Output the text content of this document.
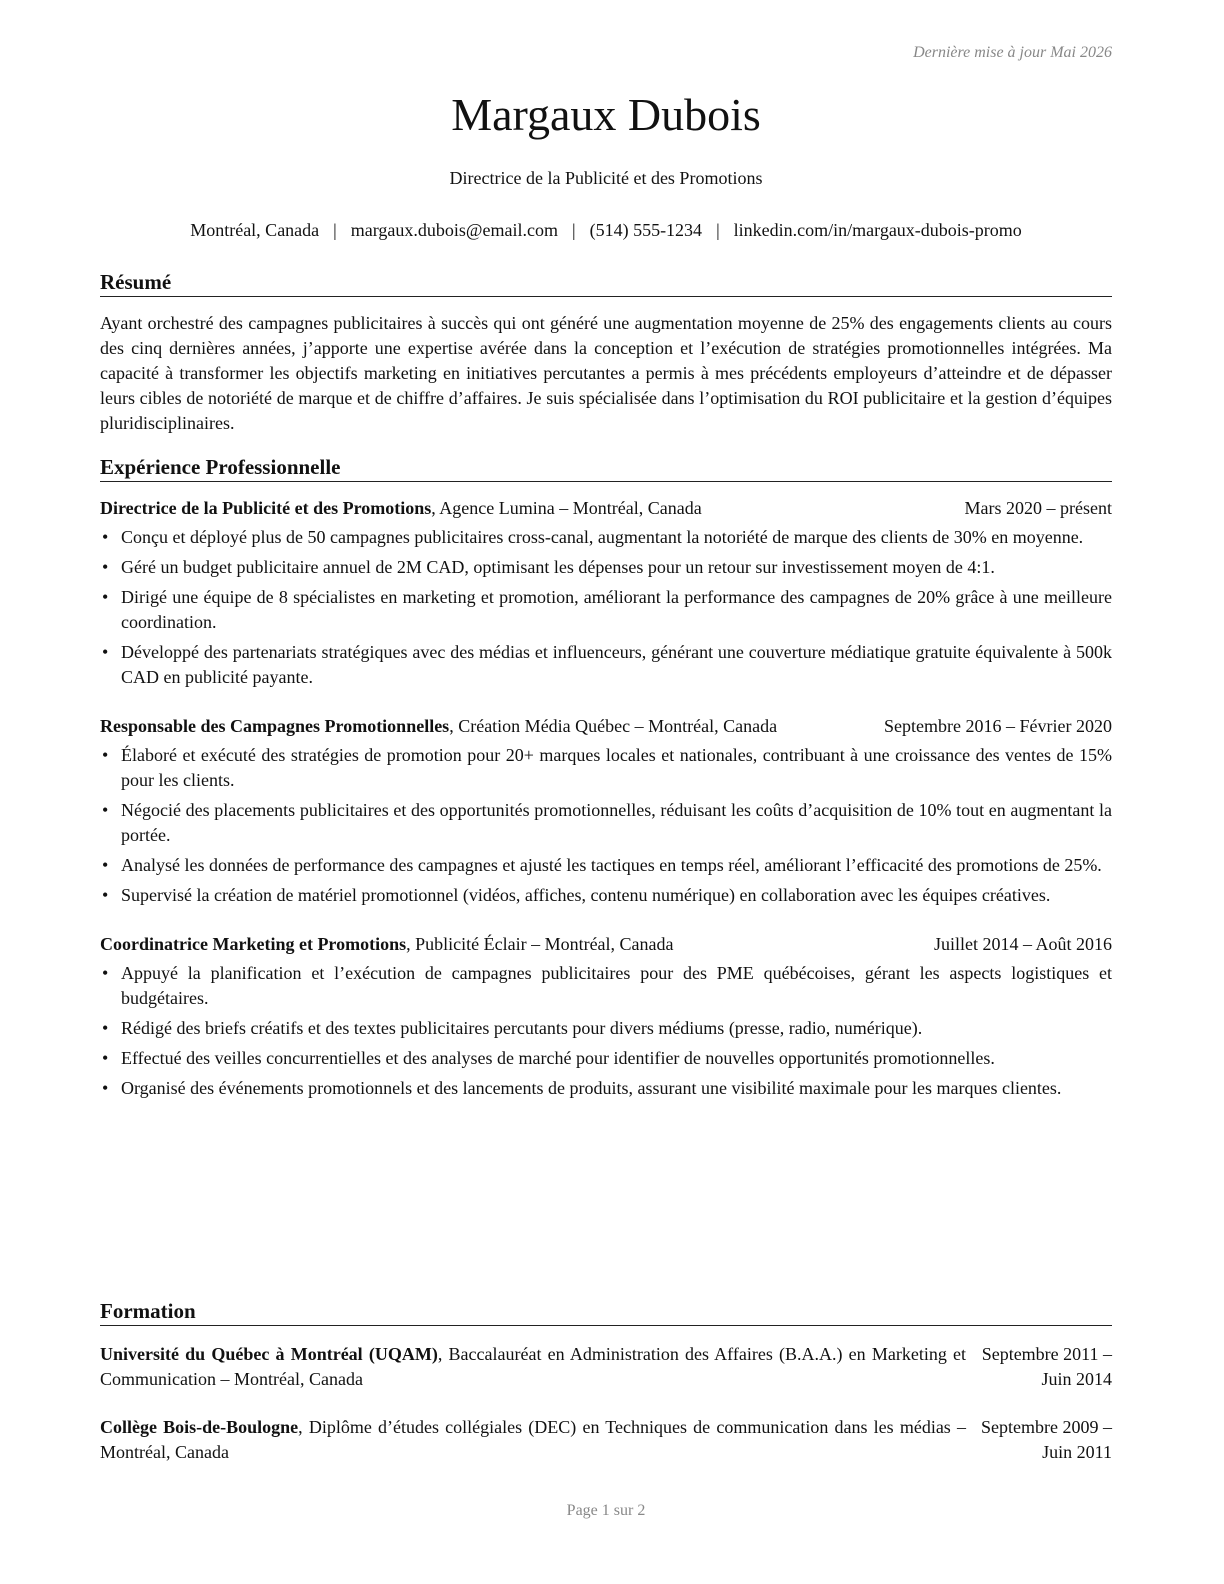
Dernière mise à jour Mai 2026
Margaux Dubois
Directrice de la Publicité et des Promotions
Montréal, Canada | margaux.dubois@email.com | (514) 555-1234 | linkedin.com/in/margaux-dubois-promo
Résumé
Ayant orchestré des campagnes publicitaires à succès qui ont généré une augmentation moyenne de 25% des engagements clients au cours des cinq dernières années, j’apporte une expertise avérée dans la conception et l’exécution de stratégies promotionnelles intégrées. Ma capacité à transformer les objectifs marketing en initiatives percutantes a permis à mes précédents employeurs d’atteindre et de dépasser leurs cibles de notoriété de marque et de chiffre d’affaires. Je suis spécialisée dans l’optimisation du ROI publicitaire et la gestion d’équipes pluridisciplinaires.
Expérience Professionnelle
Directrice de la Publicité et des Promotions, Agence Lumina – Montréal, Canada	Mars 2020 – présent
• Conçu et déployé plus de 50 campagnes publicitaires cross-canal, augmentant la notoriété de marque des clients de 30% en moyenne.
• Géré un budget publicitaire annuel de 2M CAD, optimisant les dépenses pour un retour sur investissement moyen de 4:1.
• Dirigé une équipe de 8 spécialistes en marketing et promotion, améliorant la performance des campagnes de 20% grâce à une meilleure coordination.
• Développé des partenariats stratégiques avec des médias et influenceurs, générant une couverture médiatique gratuite équivalente à 500k CAD en publicité payante.
Responsable des Campagnes Promotionnelles, Création Média Québec – Montréal, Canada	Septembre 2016 – Février 2020
• Élaboré et exécuté des stratégies de promotion pour 20+ marques locales et nationales, contribuant à une croissance des ventes de 15% pour les clients.
• Négocié des placements publicitaires et des opportunités promotionnelles, réduisant les coûts d’acquisition de 10% tout en augmentant la portée.
• Analysé les données de performance des campagnes et ajusté les tactiques en temps réel, améliorant l’efficacité des promotions de 25%.
• Supervisé la création de matériel promotionnel (vidéos, affiches, contenu numérique) en collaboration avec les équipes créatives.
Coordinatrice Marketing et Promotions, Publicité Éclair – Montréal, Canada	Juillet 2014 – Août 2016
• Appuyé la planification et l’exécution de campagnes publicitaires pour des PME québécoises, gérant les aspects logistiques et budgétaires.
• Rédigé des briefs créatifs et des textes publicitaires percutants pour divers médiums (presse, radio, numérique).
• Effectué des veilles concurrentielles et des analyses de marché pour identifier de nouvelles opportunités promotionnelles.
• Organisé des événements promotionnels et des lancements de produits, assurant une visibilité maximale pour les marques clientes.
Formation
Université du Québec à Montréal (UQAM), Baccalauréat en Administration des Affaires (B.A.A.) en Marketing et Communication – Montréal, Canada
Septembre 2011 – Juin 2014
Collège Bois-de-Boulogne, Diplôme d’études collégiales (DEC) en Techniques de communication dans les médias – Montréal, Canada
Septembre 2009 – Juin 2011
Page 1 sur 2
